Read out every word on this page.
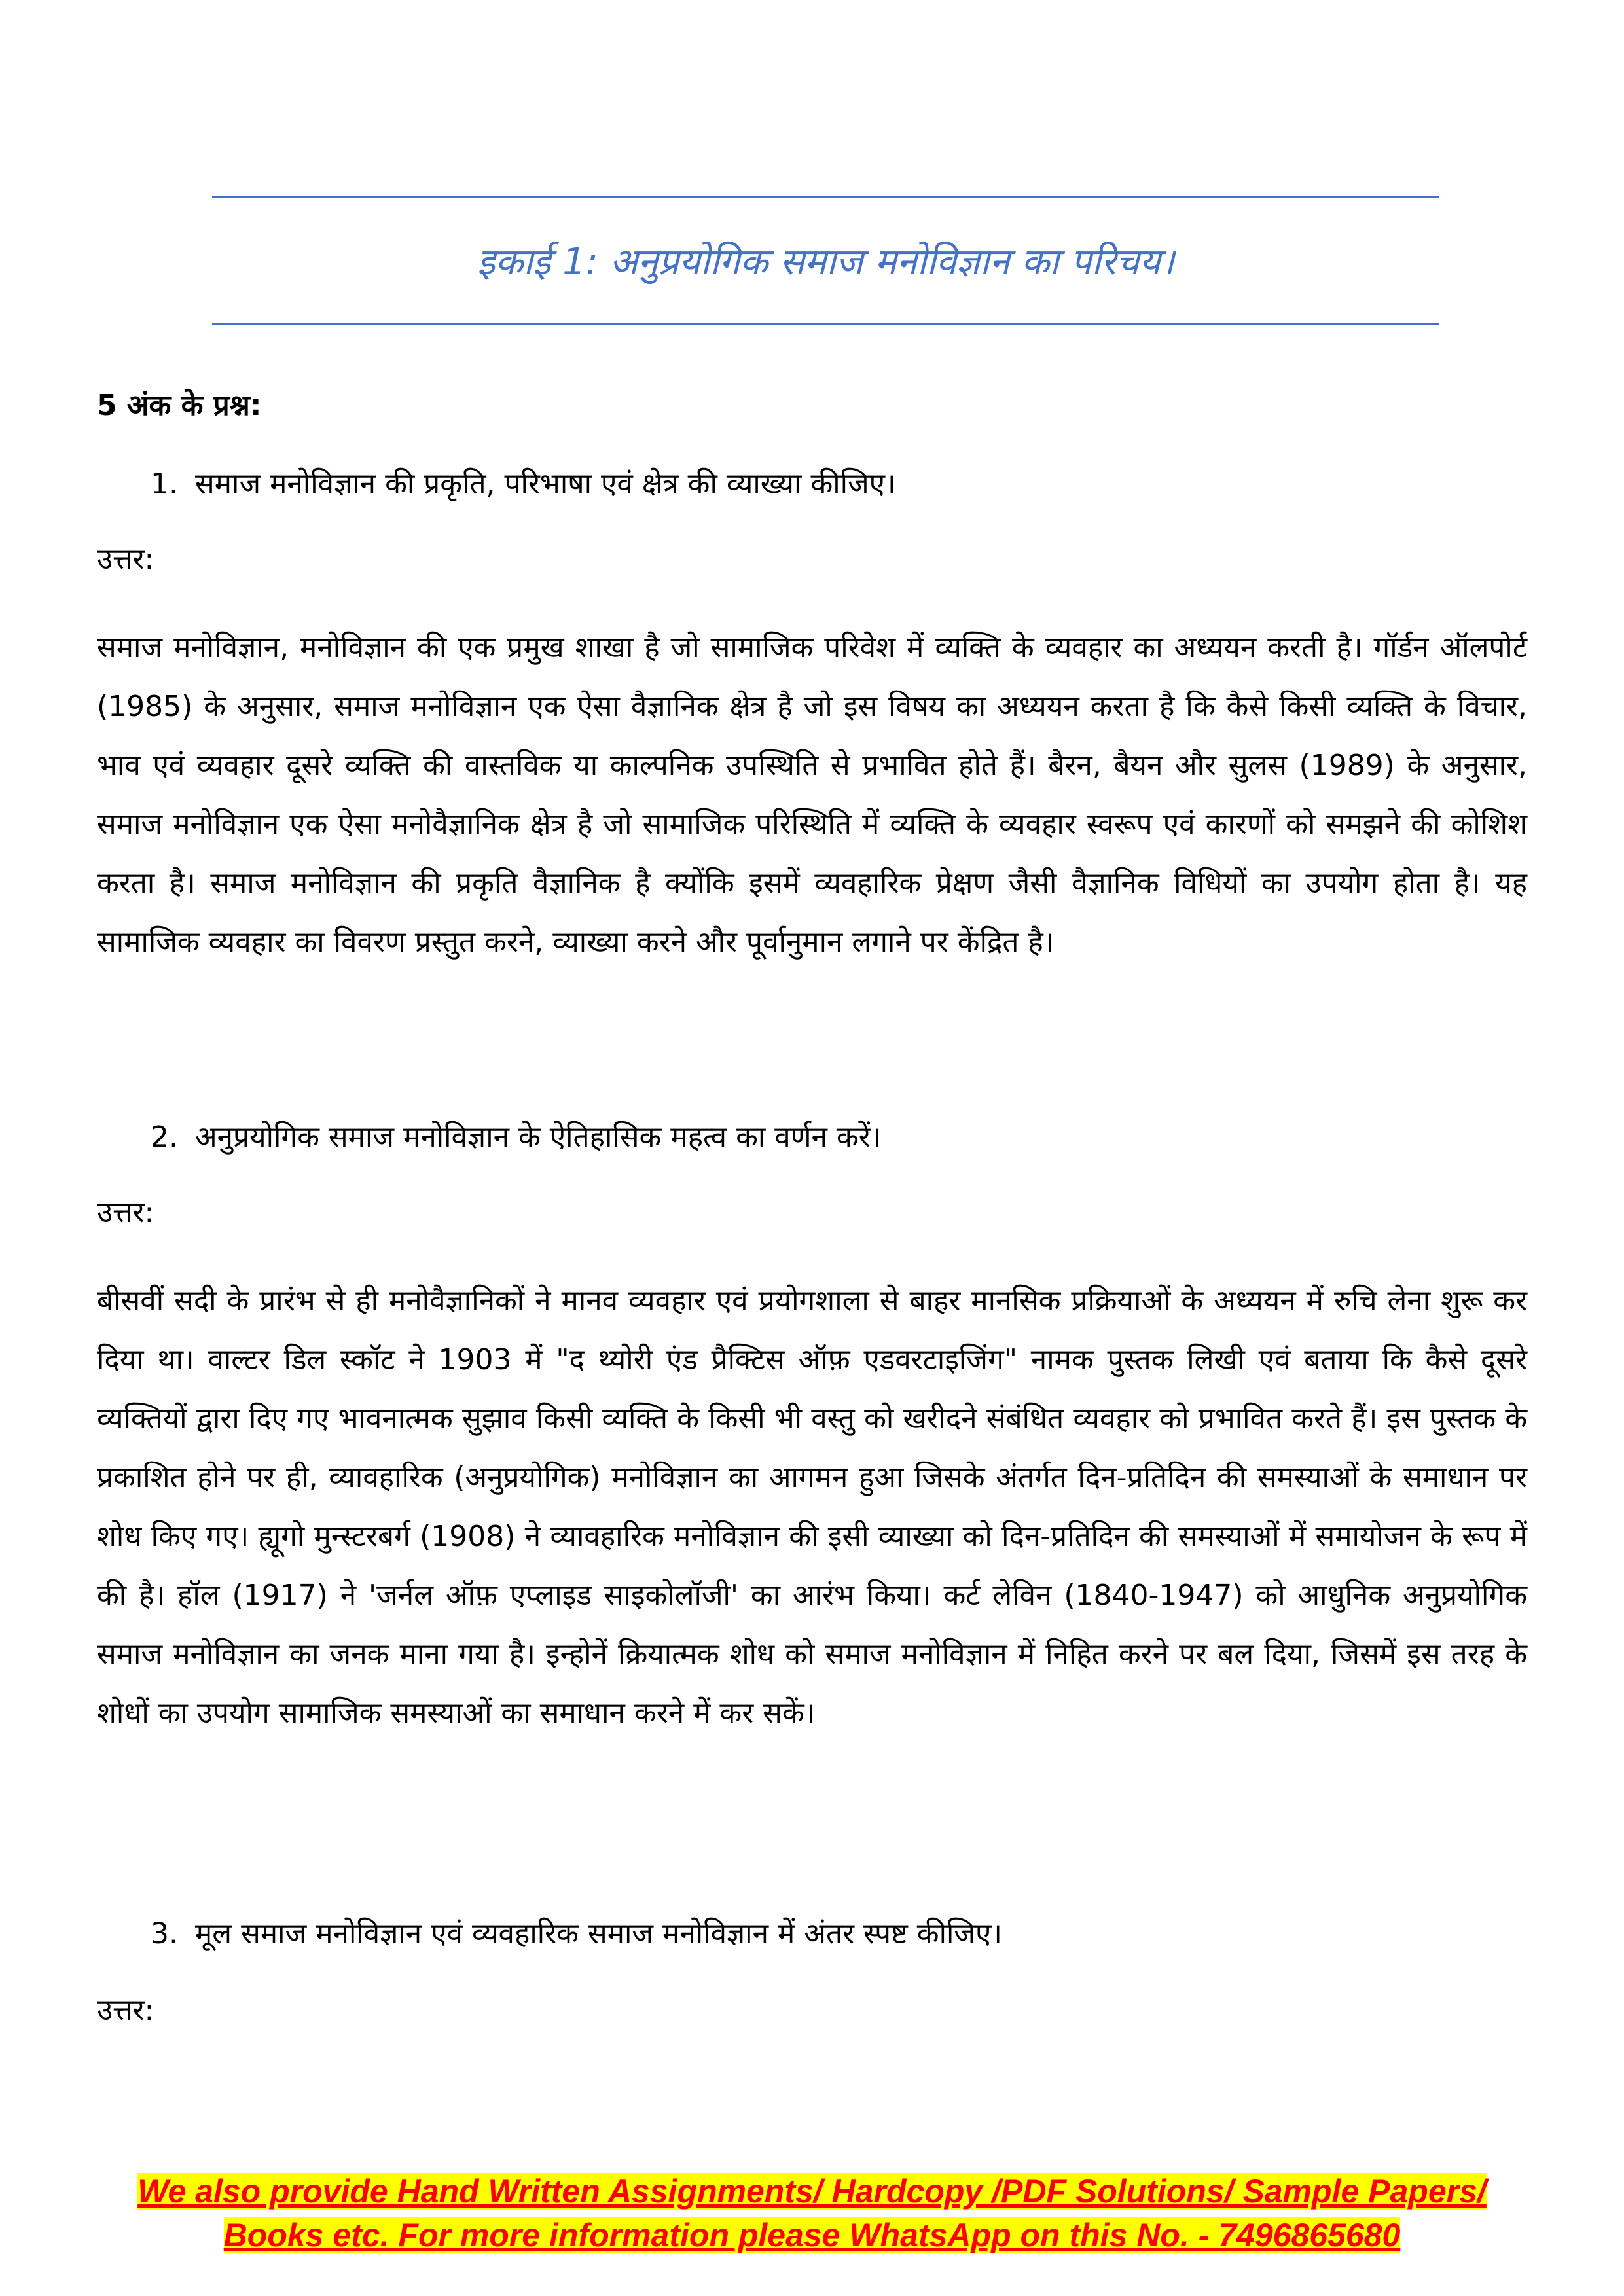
इकाई 1: अनुप्रयोगिक समाज मनोविज्ञान का परिचय।
5 अंक के प्रश्न:
1. समाज मनोविज्ञान की प्रकृति, परिभाषा एवं क्षेत्र की व्याख्या कीजिए।
उत्तर:
समाज मनोविज्ञान, मनोविज्ञान की एक प्रमुख शाखा है जो सामाजिक परिवेश में व्यक्ति के व्यवहार का अध्ययन करती है। गॉर्डन ऑलपोर्ट (1985) के अनुसार, समाज मनोविज्ञान एक ऐसा वैज्ञानिक क्षेत्र है जो इस विषय का अध्ययन करता है कि कैसे किसी व्यक्ति के विचार, भाव एवं व्यवहार दूसरे व्यक्ति की वास्तविक या काल्पनिक उपस्थिति से प्रभावित होते हैं। बैरन, बैयन और सुलस (1989) के अनुसार, समाज मनोविज्ञान एक ऐसा मनोवैज्ञानिक क्षेत्र है जो सामाजिक परिस्थिति में व्यक्ति के व्यवहार स्वरूप एवं कारणों को समझने की कोशिश करता है। समाज मनोविज्ञान की प्रकृति वैज्ञानिक है क्योंकि इसमें व्यवहारिक प्रेक्षण जैसी वैज्ञानिक विधियों का उपयोग होता है। यह सामाजिक व्यवहार का विवरण प्रस्तुत करने, व्याख्या करने और पूर्वानुमान लगाने पर केंद्रित है।
2. अनुप्रयोगिक समाज मनोविज्ञान के ऐतिहासिक महत्व का वर्णन करें।
उत्तर:
बीसवीं सदी के प्रारंभ से ही मनोवैज्ञानिकों ने मानव व्यवहार एवं प्रयोगशाला से बाहर मानसिक प्रक्रियाओं के अध्ययन में रुचि लेना शुरू कर दिया था। वाल्टर डिल स्कॉट ने 1903 में "द थ्योरी एंड प्रैक्टिस ऑफ़ एडवरटाइजिंग" नामक पुस्तक लिखी एवं बताया कि कैसे दूसरे व्यक्तियों द्वारा दिए गए भावनात्मक सुझाव किसी व्यक्ति के किसी भी वस्तु को खरीदने संबंधित व्यवहार को प्रभावित करते हैं। इस पुस्तक के प्रकाशित होने पर ही, व्यावहारिक (अनुप्रयोगिक) मनोविज्ञान का आगमन हुआ जिसके अंतर्गत दिन-प्रतिदिन की समस्याओं के समाधान पर शोध किए गए। ह्यूगो मुन्स्टरबर्ग (1908) ने व्यावहारिक मनोविज्ञान की इसी व्याख्या को दिन-प्रतिदिन की समस्याओं में समायोजन के रूप में की है। हॉल (1917) ने 'जर्नल ऑफ़ एप्लाइड साइकोलॉजी' का आरंभ किया। कर्ट लेविन (1840-1947) को आधुनिक अनुप्रयोगिक समाज मनोविज्ञान का जनक माना गया है। इन्होनें क्रियात्मक शोध को समाज मनोविज्ञान में निहित करने पर बल दिया, जिसमें इस तरह के शोधों का उपयोग सामाजिक समस्याओं का समाधान करने में कर सकें।
3. मूल समाज मनोविज्ञान एवं व्यवहारिक समाज मनोविज्ञान में अंतर स्पष्ट कीजिए।
उत्तर:
We also provide Hand Written Assignments/ Hardcopy /PDF Solutions/ Sample Papers/
Books etc. For more information please WhatsApp on this No. - 7496865680
